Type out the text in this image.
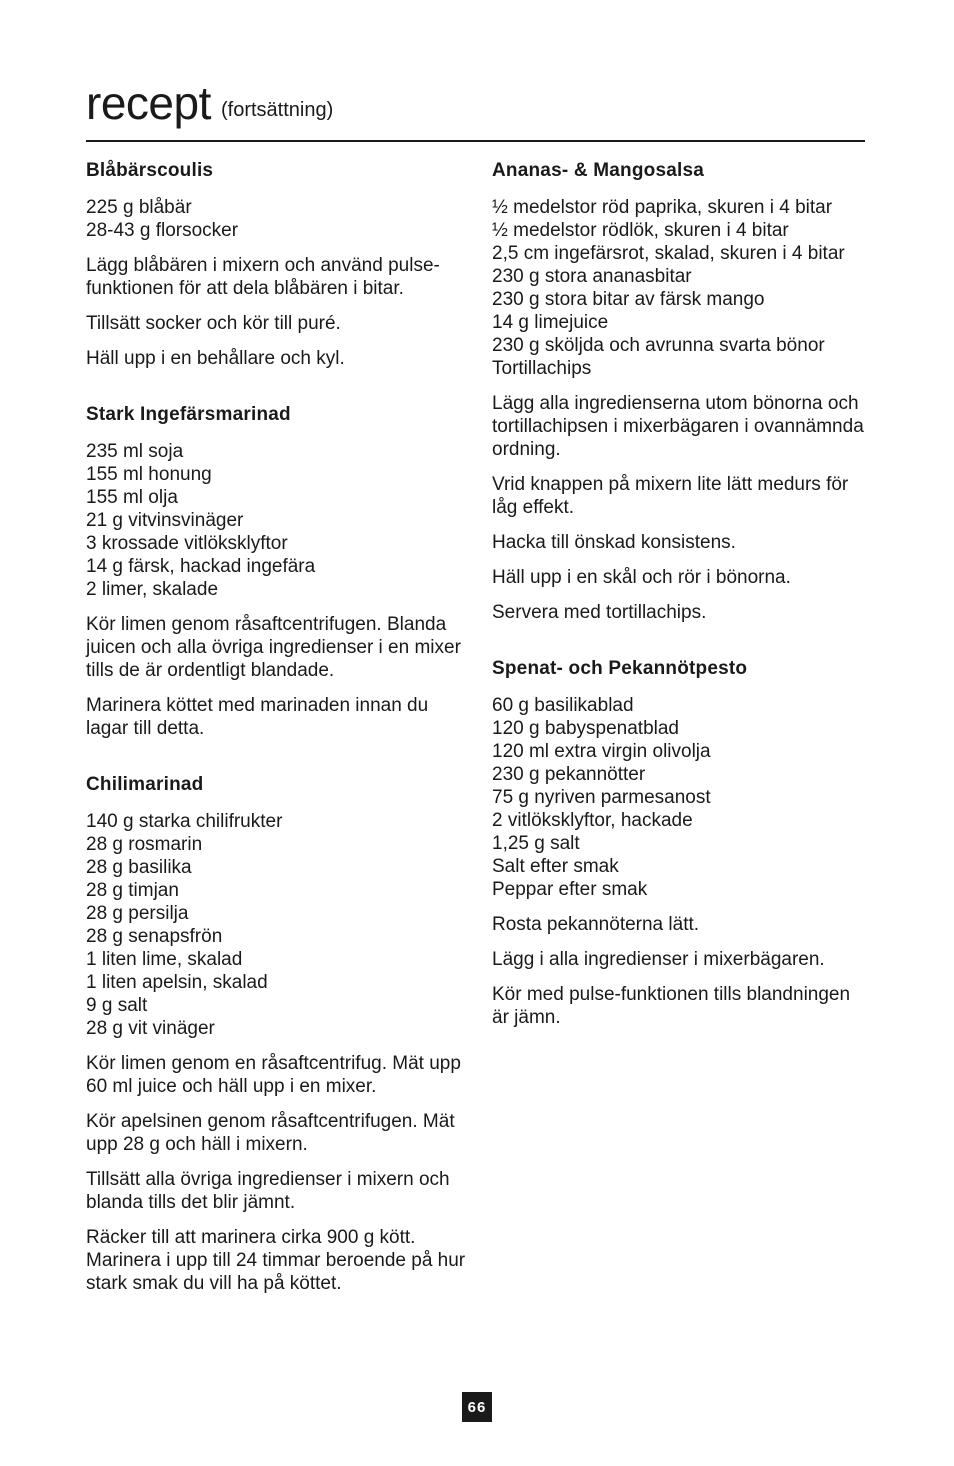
recept (fortsättning)
Blåbärscoulis
225 g blåbär
28-43 g florsocker

Lägg blåbären i mixern och använd pulse-funktionen för att dela blåbären i bitar.

Tillsätt socker och kör till puré.

Häll upp i en behållare och kyl.

Stark Ingefärsmarinad
235 ml soja
155 ml honung
155 ml olja
21 g vitvinsvinäger
3 krossade vitlöksklyftor
14 g färsk, hackad ingefära
2 limer, skalade

Kör limen genom råsaftcentrifugen. Blanda juicen och alla övriga ingredienser i en mixer tills de är ordentligt blandade.

Marinera köttet med marinaden innan du lagar till detta.

Chilimarinad
140 g starka chilifrukter
28 g rosmarin
28 g basilika
28 g timjan
28 g persilja
28 g senapsfrön
1 liten lime, skalad
1 liten apelsin, skalad
9 g salt
28 g vit vinäger

Kör limen genom en råsaftcentrifug. Mät upp 60 ml juice och häll upp i en mixer.

Kör apelsinen genom råsaftcentrifugen. Mät upp 28 g och häll i mixern.

Tillsätt alla övriga ingredienser i mixern och blanda tills det blir jämnt.

Räcker till att marinera cirka 900 g kött. Marinera i upp till 24 timmar beroende på hur stark smak du vill ha på köttet.

Ananas- & Mangosalsa
½ medelstor röd paprika, skuren i 4 bitar
½ medelstor rödlök, skuren i 4 bitar
2,5 cm ingefärsrot, skalad, skuren i 4 bitar
230 g stora ananasbitar
230 g stora bitar av färsk mango
14 g limejuice
230 g sköljda och avrunna svarta bönor
Tortillachips

Lägg alla ingredienserna utom bönorna och tortillachipsen i mixerbägaren i ovannämnda ordning.

Vrid knappen på mixern lite lätt medurs för låg effekt.

Hacka till önskad konsistens.

Häll upp i en skål och rör i bönorna.

Servera med tortillachips.

Spenat- och Pekannötpesto
60 g basilikablad
120 g babyspenatblad
120 ml extra virgin olivolja
230 g pekannötter
75 g nyriven parmesanost
2 vitlöksklyftor, hackade
1,25 g salt
Salt efter smak
Peppar efter smak

Rosta pekannöterna lätt.

Lägg i alla ingredienser i mixerbägaren.

Kör med pulse-funktionen tills blandningen är jämn.

66
